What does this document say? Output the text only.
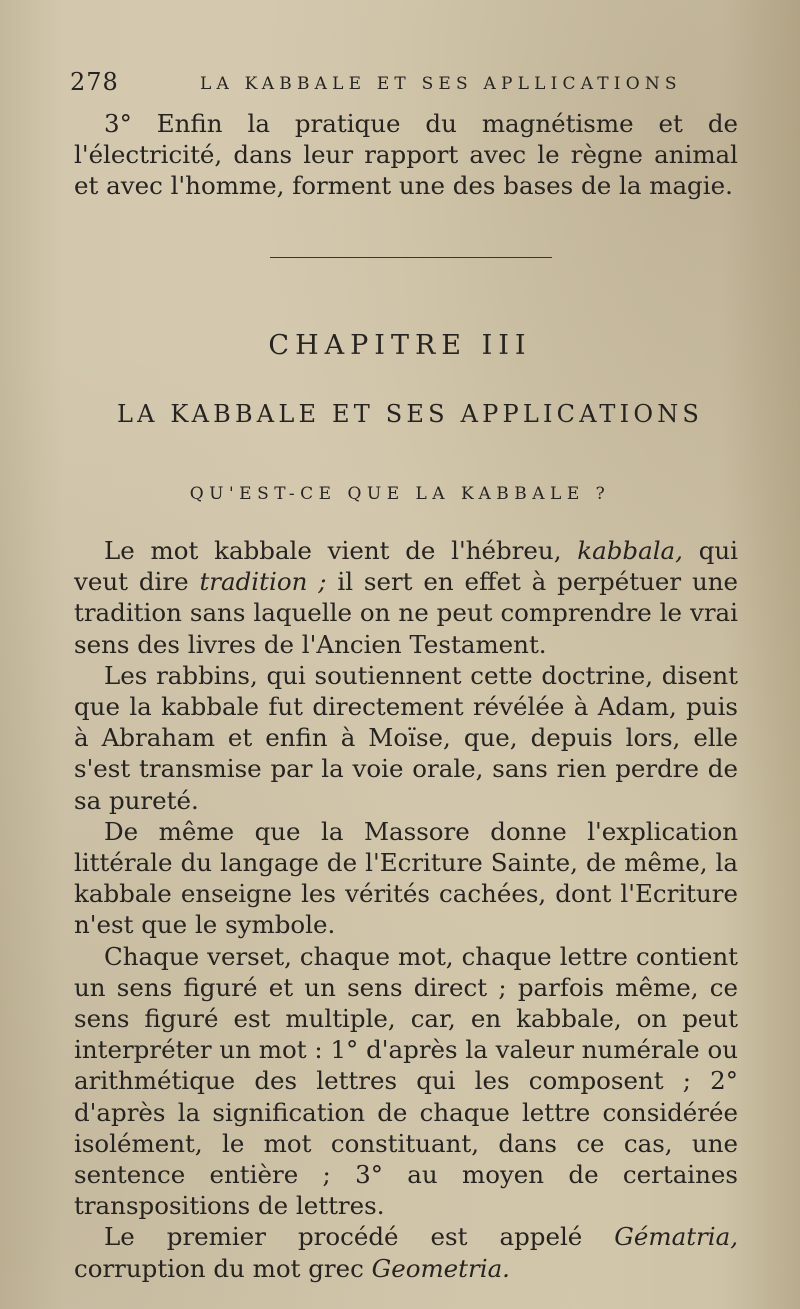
278	LA KABBALE ET SES APLLICATIONS

3° Enfin la pratique du magnétisme et de l'électricité, dans leur rapport avec le règne animal et avec l'homme, forment une des bases de la magie.

CHAPITRE III
LA KABBALE ET SES APPLICATIONS
QU'EST-CE QUE LA KABBALE ?

Le mot kabbale vient de l'hébreu, kabbala, qui veut dire tradition ; il sert en effet à perpétuer une tradition sans laquelle on ne peut comprendre le vrai sens des livres de l'Ancien Testament.

Les rabbins, qui soutiennent cette doctrine, disent que la kabbale fut directement révélée à Adam, puis à Abraham et enfin à Moïse, que, depuis lors, elle s'est transmise par la voie orale, sans rien perdre de sa pureté.

De même que la Massore donne l'explication littérale du langage de l'Ecriture Sainte, de même, la kabbale enseigne les vérités cachées, dont l'Ecriture n'est que le symbole.

Chaque verset, chaque mot, chaque lettre contient un sens figuré et un sens direct ; parfois même, ce sens figuré est multiple, car, en kabbale, on peut interpréter un mot : 1° d'après la valeur numérale ou arithmétique des lettres qui les composent ; 2° d'après la signification de chaque lettre considérée isolément, le mot constituant, dans ce cas, une sentence entière ; 3° au moyen de certaines transpositions de lettres.

Le premier procédé est appelé Gématria, corruption du mot grec Geometria.
